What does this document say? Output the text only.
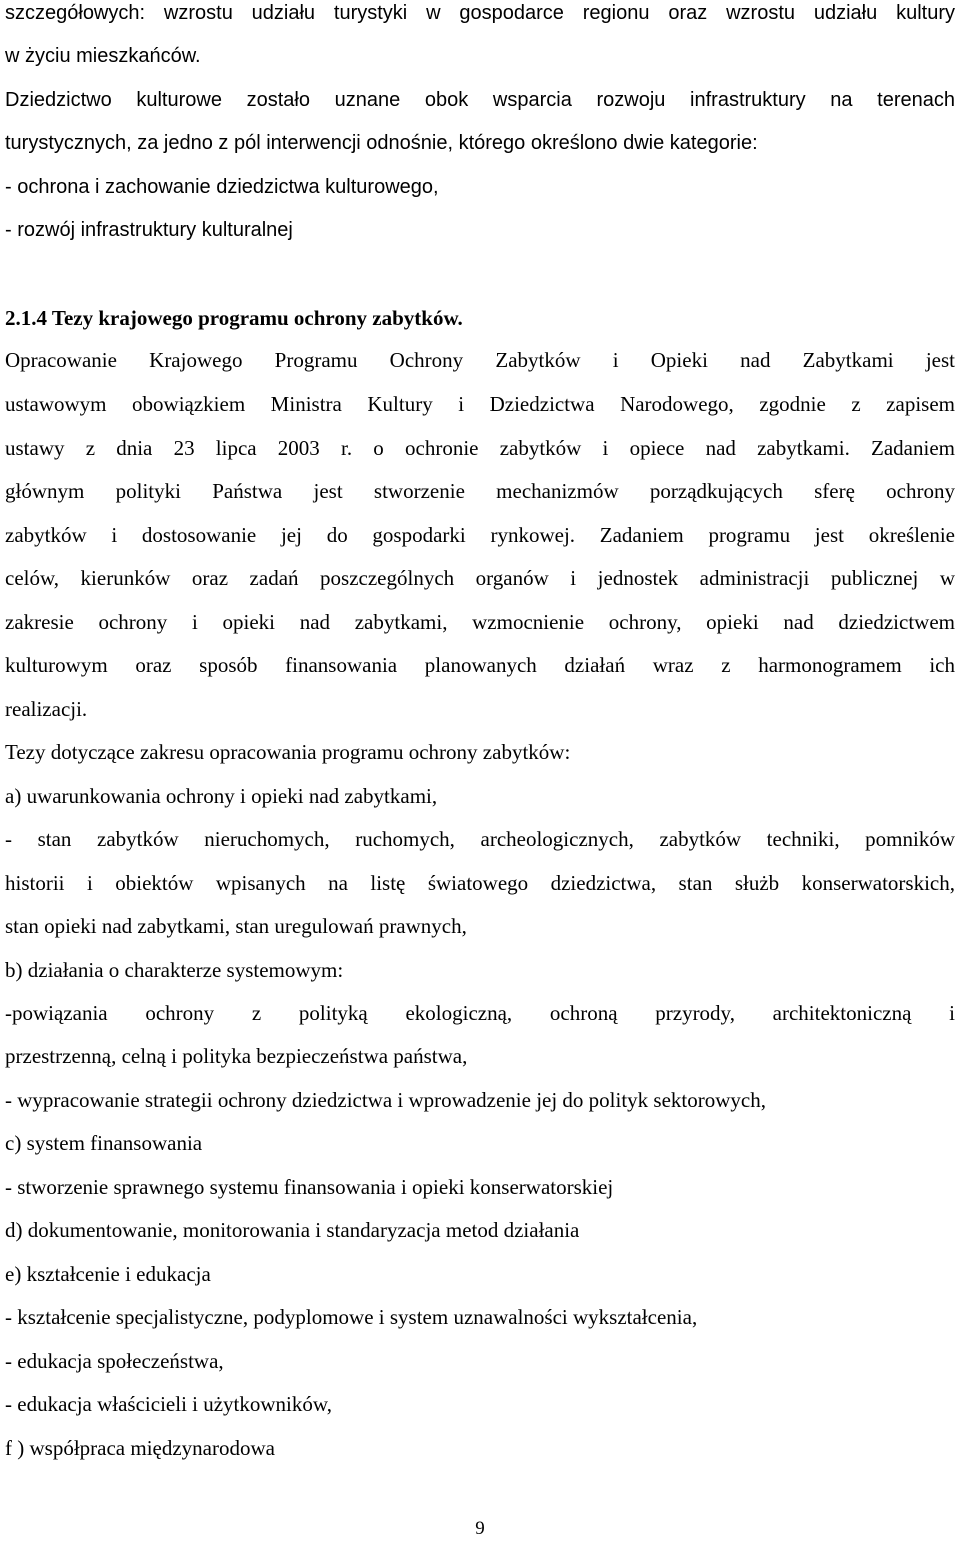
szczegółowych: wzrostu udziału turystyki w gospodarce regionu oraz wzrostu udziału kultury
w życiu mieszkańców.
Dziedzictwo kulturowe zostało uznane obok wsparcia rozwoju infrastruktury na terenach
turystycznych, za jedno z pól interwencji odnośnie, którego określono dwie kategorie:
- ochrona i zachowanie dziedzictwa kulturowego,
- rozwój infrastruktury kulturalnej
2.1.4 Tezy krajowego programu ochrony zabytków.
Opracowanie Krajowego Programu Ochrony Zabytków i Opieki nad Zabytkami jest
ustawowym obowiązkiem Ministra Kultury i Dziedzictwa Narodowego, zgodnie z zapisem
ustawy z dnia 23 lipca 2003 r. o ochronie zabytków i opiece nad zabytkami. Zadaniem
głównym polityki Państwa jest stworzenie mechanizmów porządkujących sferę ochrony
zabytków i dostosowanie jej do gospodarki rynkowej. Zadaniem programu jest określenie
celów, kierunków oraz zadań poszczególnych organów i jednostek administracji publicznej w
zakresie ochrony i opieki nad zabytkami, wzmocnienie ochrony, opieki nad dziedzictwem
kulturowym oraz sposób finansowania planowanych działań wraz z harmonogramem ich
realizacji.
Tezy dotyczące zakresu opracowania programu ochrony zabytków:
a) uwarunkowania ochrony i opieki nad zabytkami,
- stan zabytków nieruchomych, ruchomych, archeologicznych, zabytków techniki, pomników
historii i obiektów wpisanych na listę światowego dziedzictwa, stan służb konserwatorskich,
stan opieki nad zabytkami, stan uregulowań prawnych,
b) działania o charakterze systemowym:
-powiązania ochrony z polityką ekologiczną, ochroną przyrody, architektoniczną i
przestrzenną, celną i polityka bezpieczeństwa państwa,
- wypracowanie strategii ochrony dziedzictwa i wprowadzenie jej do polityk sektorowych,
c) system finansowania
- stworzenie sprawnego systemu finansowania i opieki konserwatorskiej
d) dokumentowanie, monitorowania i standaryzacja metod działania
e) kształcenie i edukacja
- kształcenie specjalistyczne, podyplomowe i system uznawalności wykształcenia,
- edukacja społeczeństwa,
- edukacja właścicieli i użytkowników,
f ) współpraca międzynarodowa
9
